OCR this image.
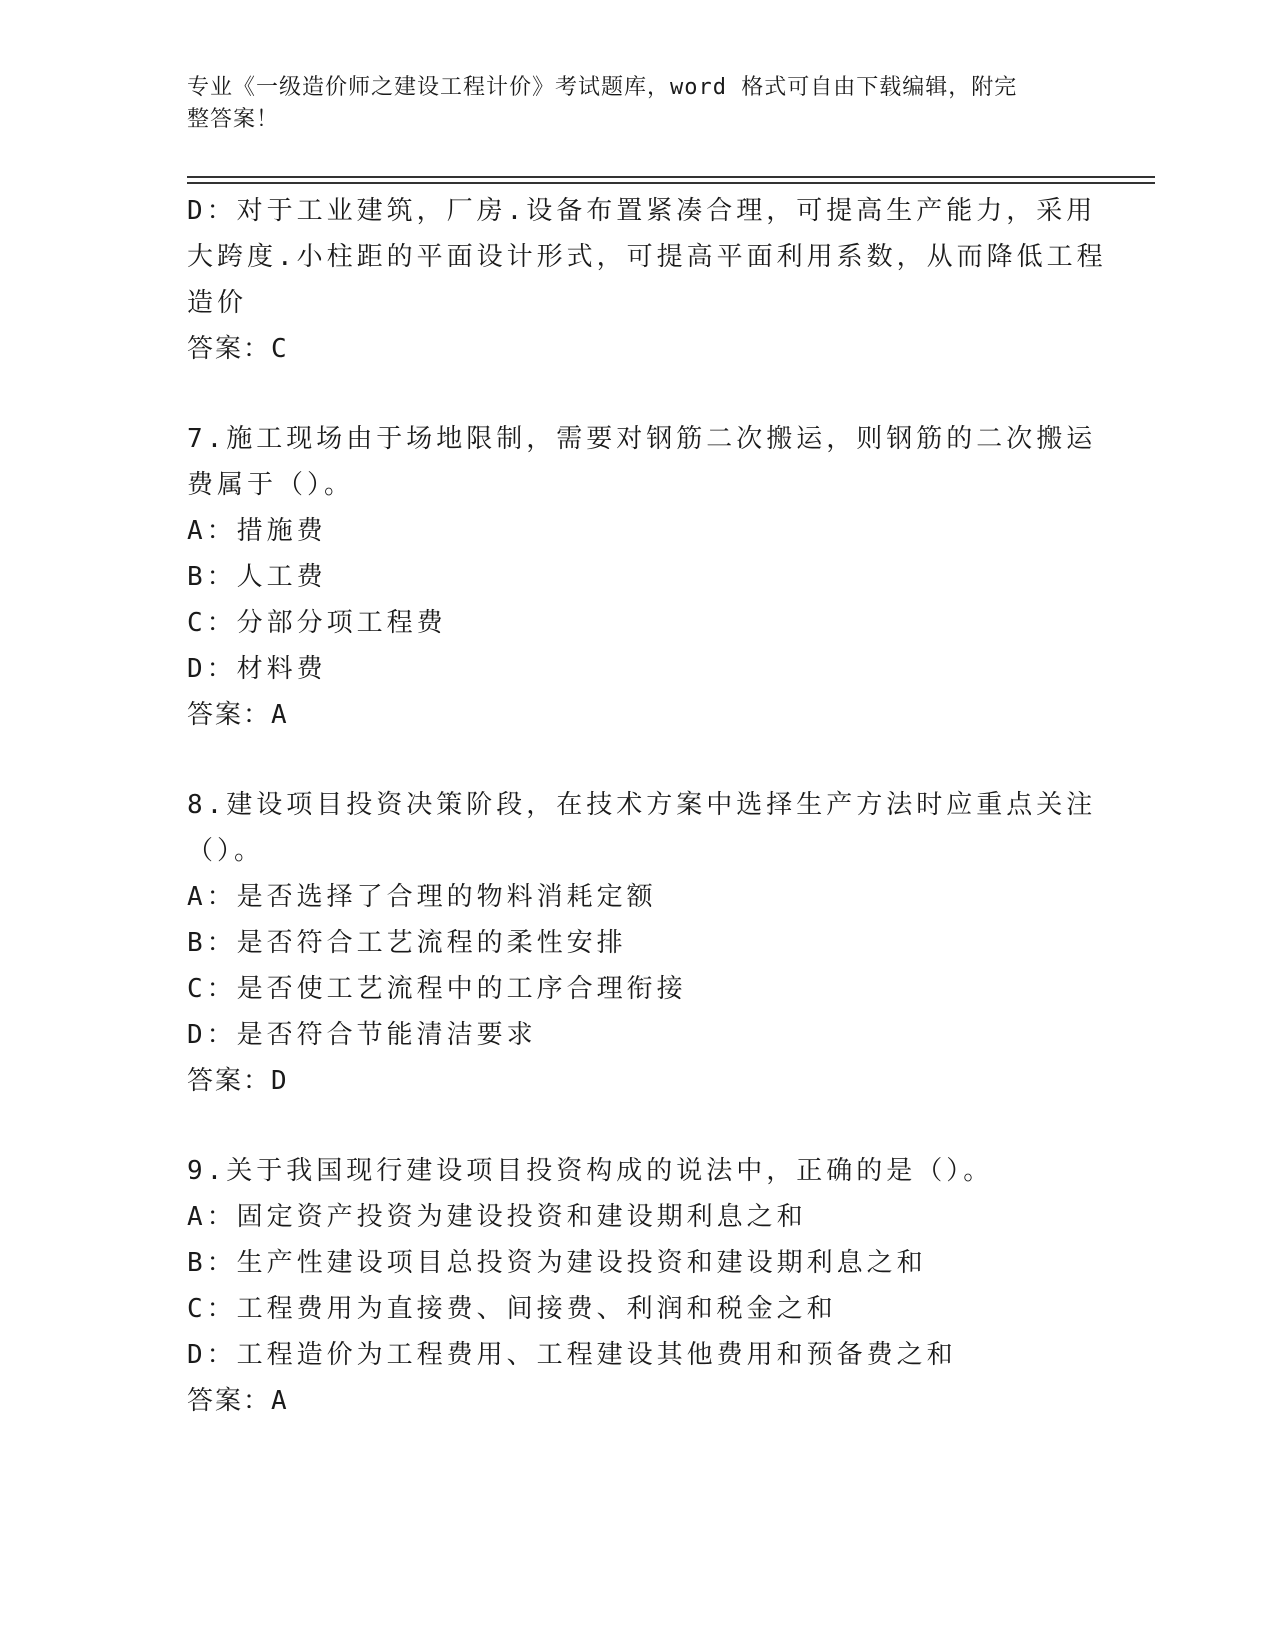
专业《一级造价师之建设工程计价》考试题库，word 格式可自由下载编辑，附完
整答案！
D：对于工业建筑，厂房.设备布置紧凑合理，可提高生产能力，采用
大跨度.小柱距的平面设计形式，可提高平面利用系数，从而降低工程
造价
答案：C
7.施工现场由于场地限制，需要对钢筋二次搬运，则钢筋的二次搬运
费属于（）。
A：措施费
B：人工费
C：分部分项工程费
D：材料费
答案：A
8.建设项目投资决策阶段，在技术方案中选择生产方法时应重点关注
（）。
A：是否选择了合理的物料消耗定额
B：是否符合工艺流程的柔性安排
C：是否使工艺流程中的工序合理衔接
D：是否符合节能清洁要求
答案：D
9.关于我国现行建设项目投资构成的说法中，正确的是（）。
A：固定资产投资为建设投资和建设期利息之和
B：生产性建设项目总投资为建设投资和建设期利息之和
C：工程费用为直接费、间接费、利润和税金之和
D：工程造价为工程费用、工程建设其他费用和预备费之和
答案：A
